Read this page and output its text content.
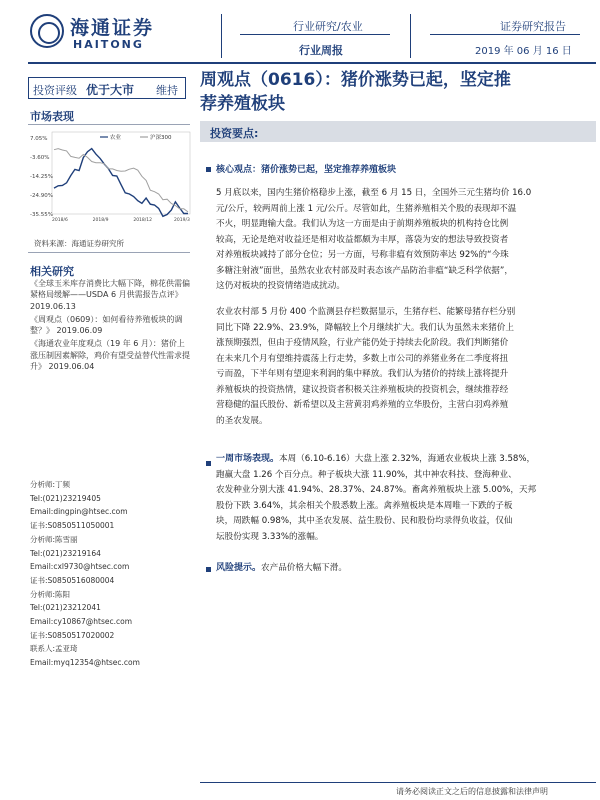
海通证券
HAITONG
行业研究/农业
行业周报
证券研究报告
2019 年 06 月 16 日
投资评级 优于大市 维持
周观点（0616）：猪价涨势已起，坚定推
荐养殖板块
市场表现
农业	沪深300
7.05%
-3.60%
-14.25%
-24.90%
-35.55%
2018/6	2018/9	2018/12	2019/3
资料来源：海通证券研究所
相关研究

《全球玉米库存消费比大幅下降，棉花供需偏紧格局缓解——USDA 6 月供需报告点评》 2019.06.13

《周观点（0609）：如何看待养殖板块的调整？》 2019.06.09

《海通农业年度观点（19 年 6 月）：猪价上涨压制因素解除，鸡价有望受益替代性需求提升》 2019.06.04

分析师:丁频
Tel:(021)23219405
Email:dingpin@htsec.com
证书:S0850511050001
分析师:陈雪丽
Tel:(021)23219164
Email:cxl9730@htsec.com
证书:S0850516080004
分析师:陈阳
Tel:(021)23212041
Email:cy10867@htsec.com
证书:S0850517020002
联系人:孟亚琦
Email:myq12354@htsec.com
投资要点:
核心观点：猪价涨势已起，坚定推荐养殖板块
5 月底以来，国内生猪价格稳步上涨，截至 6 月 15 日，全国外三元生猪均价 16.0
元/公斤，较两周前上涨 1 元/公斤。尽管如此，生猪养殖相关个股的表现却不温
不火，明显跑输大盘。我们认为这一方面是由于前期养殖板块的机构持仓比例
较高，无论是绝对收益还是相对收益都颇为丰厚，落袋为安的想法导致投资者
对养殖板块减持了部分仓位；另一方面，号称非瘟有效预防率达 92%的“今珠
多糖注射液”面世，虽然农业农村部及时表态该产品防治非瘟“缺乏科学依据”，
这仍对板块的投资情绪造成扰动。
农业农村部 5 月份 400 个监测县存栏数据显示，生猪存栏、能繁母猪存栏分别
同比下降 22.9%、23.9%，降幅较上个月继续扩大。我们认为虽然未来猪价上
涨预期强烈，但由于疫情风险，行业产能仍处于持续去化阶段。我们判断猪价
在未来几个月有望维持震荡上行走势，多数上市公司的养猪业务在二季度将扭
亏而盈，下半年则有望迎来利润的集中释放。我们认为猪价的持续上涨将提升
养殖板块的投资热情，建议投资者积极关注养殖板块的投资机会，继续推荐经
营稳健的温氏股份、新希望以及主营黄羽鸡养殖的立华股份，主营白羽鸡养殖
的圣农发展。
一周市场表现。本周（6.10-6.16）大盘上涨 2.32%，海通农业板块上涨 3.58%，
跑赢大盘 1.26 个百分点。种子板块大涨 11.90%，其中神农科技、登海种业、
农发种业分别大涨 41.94%、28.37%、24.87%。畜禽养殖板块上涨 5.00%，天邦
股份下跌 3.64%，其余相关个股悉数上涨。禽养殖板块是本周唯一下跌的子板
块，周跌幅 0.98%，其中圣农发展、益生股份、民和股份均录得负收益，仅仙
坛股份实现 3.33%的涨幅。
风险提示。农产品价格大幅下滑。
请务必阅读正文之后的信息披露和法律声明
